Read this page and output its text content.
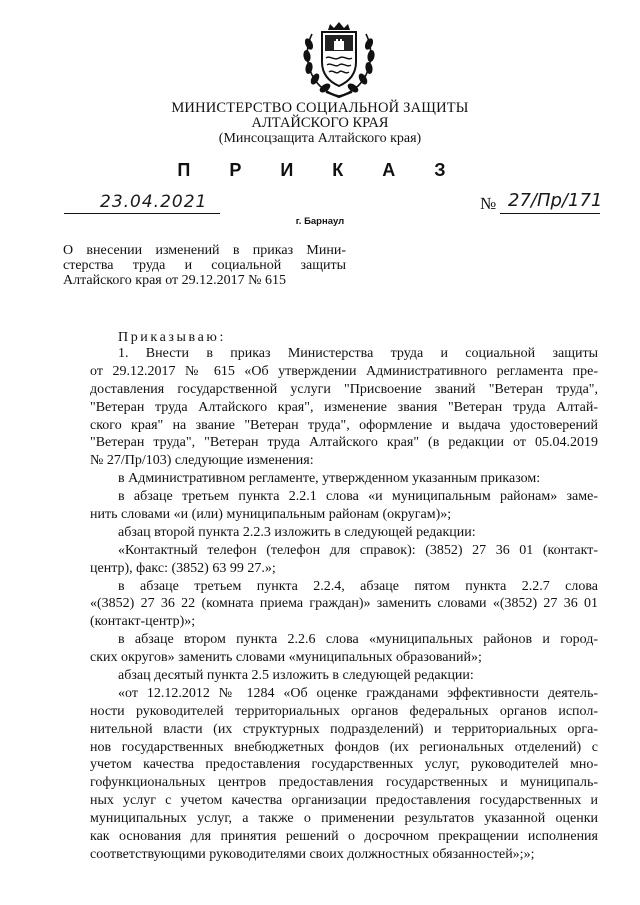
МИНИСТЕРСТВО СОЦИАЛЬНОЙ ЗАЩИТЫ
АЛТАЙСКОГО КРАЯ
(Минсоцзащита Алтайского края)
П Р И К А З
23.04.2021	№ 27/Пр/171
г. Барнаул
О внесении изменений в приказ Мини-
стерства труда и социальной защиты
Алтайского края от 29.12.2017 № 615
Приказываю:
1. Внести в приказ Министерства труда и социальной защиты
от 29.12.2017 № 615 «Об утверждении Административного регламента пре-
доставления государственной услуги "Присвоение званий "Ветеран труда",
"Ветеран труда Алтайского края", изменение звания "Ветеран труда Алтай-
ского края" на звание "Ветеран труда", оформление и выдача удостоверений
"Ветеран труда", "Ветеран труда Алтайского края" (в редакции от 05.04.2019
№ 27/Пр/103) следующие изменения:
в Административном регламенте, утвержденном указанным приказом:
в абзаце третьем пункта 2.2.1 слова «и муниципальным районам» заме-
нить словами «и (или) муниципальным районам (округам)»;
абзац второй пункта 2.2.3 изложить в следующей редакции:
«Контактный телефон (телефон для справок): (3852) 27 36 01 (контакт-
центр), факс: (3852) 63 99 27.»;
в абзаце третьем пункта 2.2.4, абзаце пятом пункта 2.2.7 слова
«(3852) 27 36 22 (комната приема граждан)» заменить словами «(3852) 27 36 01
(контакт-центр)»;
в абзаце втором пункта 2.2.6 слова «муниципальных районов и город-
ских округов» заменить словами «муниципальных образований»;
абзац десятый пункта 2.5 изложить в следующей редакции:
«от 12.12.2012 № 1284 «Об оценке гражданами эффективности деятель-
ности руководителей территориальных органов федеральных органов испол-
нительной власти (их структурных подразделений) и территориальных орга-
нов государственных внебюджетных фондов (их региональных отделений) с
учетом качества предоставления государственных услуг, руководителей мно-
гофункциональных центров предоставления государственных и муниципаль-
ных услуг с учетом качества организации предоставления государственных и
муниципальных услуг, а также о применении результатов указанной оценки
как основания для принятия решений о досрочном прекращении исполнения
соответствующими руководителями своих должностных обязанностей»;»;
